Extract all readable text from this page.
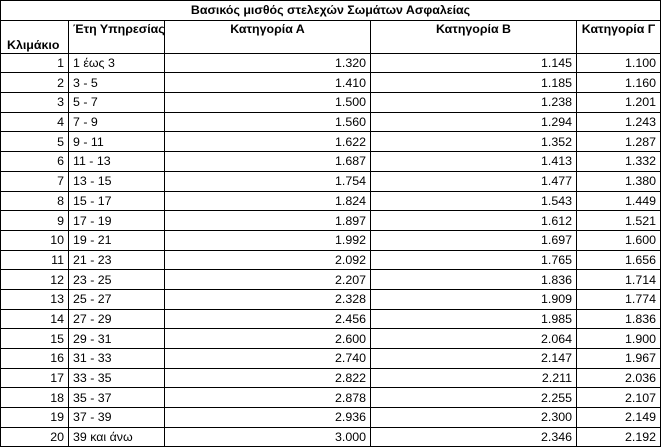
Βασικός μισθός στελεχών Σωμάτων Ασφαλείας				
Κλιμάκιο	Έτη Υπηρεσίας	Κατηγορία Α	Κατηγορία Β	Κατηγορία Γ
1	1 έως 3	1.320	1.145	1.100
2	3 - 5	1.410	1.185	1.160
3	5 - 7	1.500	1.238	1.201
4	7 - 9	1.560	1.294	1.243
5	9 - 11	1.622	1.352	1.287
6	11 - 13	1.687	1.413	1.332
7	13 - 15	1.754	1.477	1.380
8	15 - 17	1.824	1.543	1.449
9	17 - 19	1.897	1.612	1.521
10	19 - 21	1.992	1.697	1.600
11	21 - 23	2.092	1.765	1.656
12	23 - 25	2.207	1.836	1.714
13	25 - 27	2.328	1.909	1.774
14	27 - 29	2.456	1.985	1.836
15	29 - 31	2.600	2.064	1.900
16	31 - 33	2.740	2.147	1.967
17	33 - 35	2.822	2.211	2.036
18	35 - 37	2.878	2.255	2.107
19	37 - 39	2.936	2.300	2.149
20	39 και άνω	3.000	2.346	2.192
